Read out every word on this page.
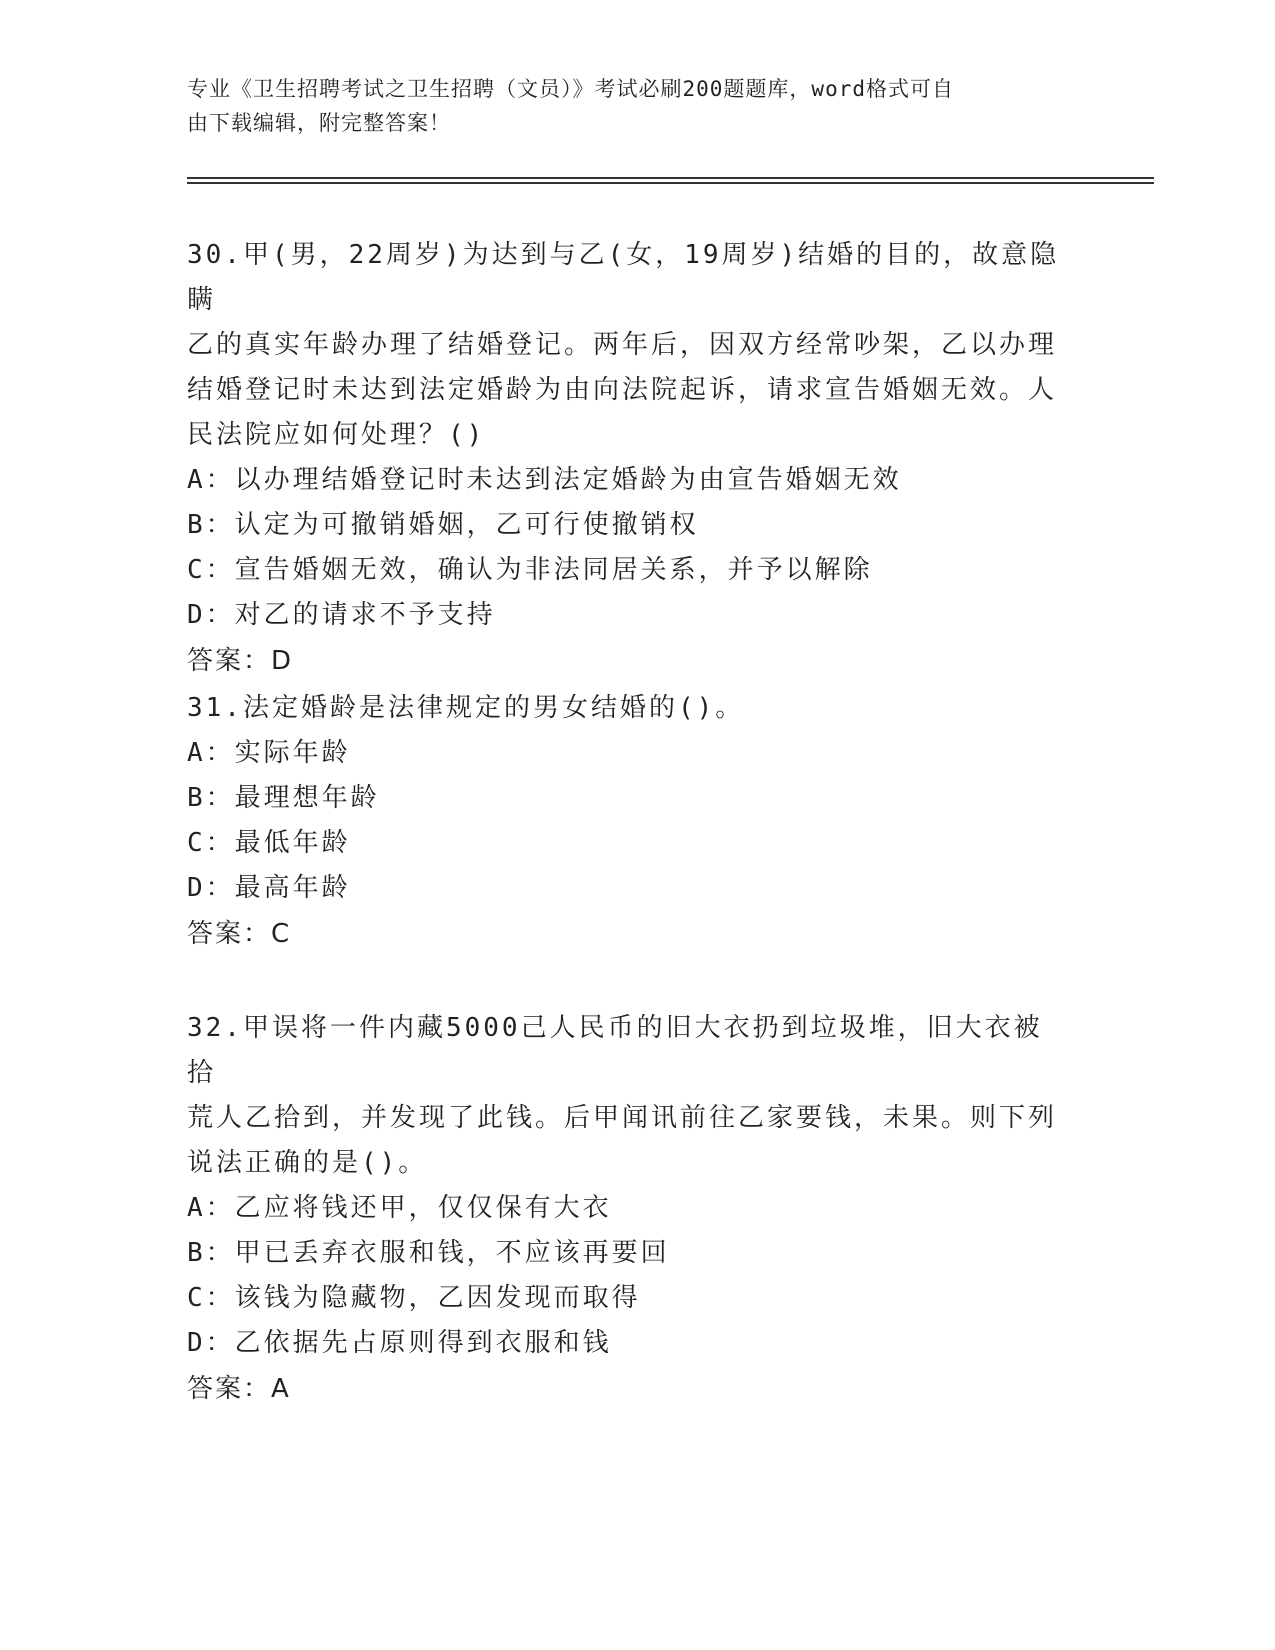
专业《卫生招聘考试之卫生招聘（文员）》考试必刷200题题库，word格式可自
由下载编辑，附完整答案！

30.甲(男，22周岁)为达到与乙(女，19周岁)结婚的目的，故意隐瞒

乙的真实年龄办理了结婚登记。两年后，因双方经常吵架，乙以办理

结婚登记时未达到法定婚龄为由向法院起诉，请求宣告婚姻无效。人

民法院应如何处理？()

A：以办理结婚登记时未达到法定婚龄为由宣告婚姻无效

B：认定为可撤销婚姻，乙可行使撤销权

C：宣告婚姻无效，确认为非法同居关系，并予以解除

D：对乙的请求不予支持

答案：D

31.法定婚龄是法律规定的男女结婚的()。

A：实际年龄

B：最理想年龄

C：最低年龄

D：最高年龄

答案：C

32.甲误将一件内藏5000己人民币的旧大衣扔到垃圾堆，旧大衣被拾

荒人乙拾到，并发现了此钱。后甲闻讯前往乙家要钱，未果。则下列

说法正确的是()。

A：乙应将钱还甲，仅仅保有大衣

B：甲已丢弃衣服和钱，不应该再要回

C：该钱为隐藏物，乙因发现而取得

D：乙依据先占原则得到衣服和钱

答案：A
